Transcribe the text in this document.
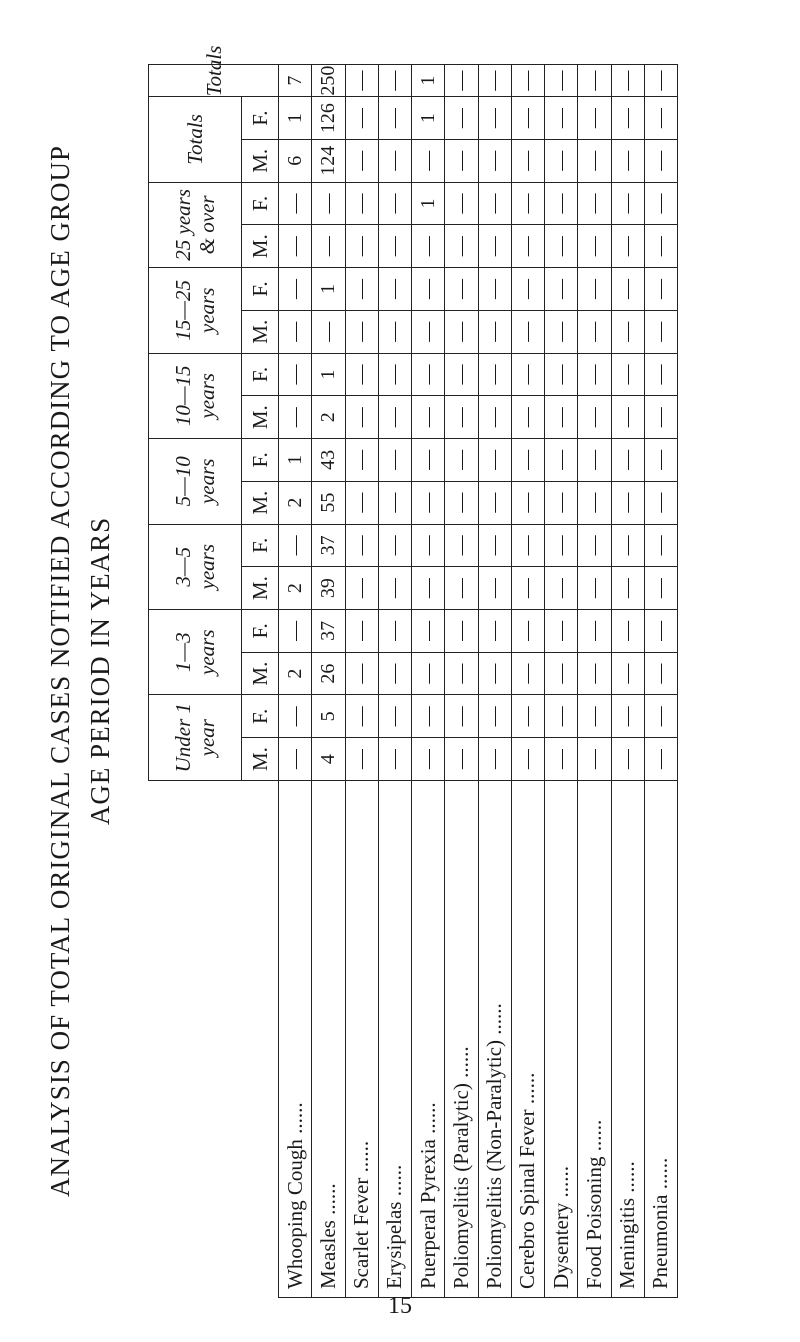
ANALYSIS OF TOTAL ORIGINAL CASES NOTIFIED ACCORDING TO AGE GROUP AGE PERIOD IN YEARS
		Under 1 year		1—3 years		3—5 years		5—10 years		10—15 years		15—25 years		25 years & over		Totals		Totals
	M.	F.	M.	F.	M.	F.	M.	F.	M.	F.	M.	F.	M.	F.	M.	F.	
Whooping Cough ......	—	—	2	—	2	—	2	1	—	—	—	—	—	—	6	1	7
Measles ......	4	5	26	37	39	37	55	43	2	1	—	1	—	—	124	126	250
Scarlet Fever ......	—	—	—	—	—	—	—	—	—	—	—	—	—	—	—	—	—
Erysipelas ......	—	—	—	—	—	—	—	—	—	—	—	—	—	—	—	—	—
Puerperal Pyrexia ......	—	—	—	—	—	—	—	—	—	—	—	—	—	1	—	1	1
Poliomyelitis (Paralytic) ......	—	—	—	—	—	—	—	—	—	—	—	—	—	—	—	—	—
Poliomyelitis (Non-Paralytic) ......	—	—	—	—	—	—	—	—	—	—	—	—	—	—	—	—	—
Cerebro Spinal Fever ......	—	—	—	—	—	—	—	—	—	—	—	—	—	—	—	—	—
Dysentery ......	—	—	—	—	—	—	—	—	—	—	—	—	—	—	—	—	—
Food Poisoning ......	—	—	—	—	—	—	—	—	—	—	—	—	—	—	—	—	—
Meningitis ......	—	—	—	—	—	—	—	—	—	—	—	—	—	—	—	—	—
Pneumonia ......	—	—	—	—	—	—	—	—	—	—	—	—	—	—	—	—	—
15
